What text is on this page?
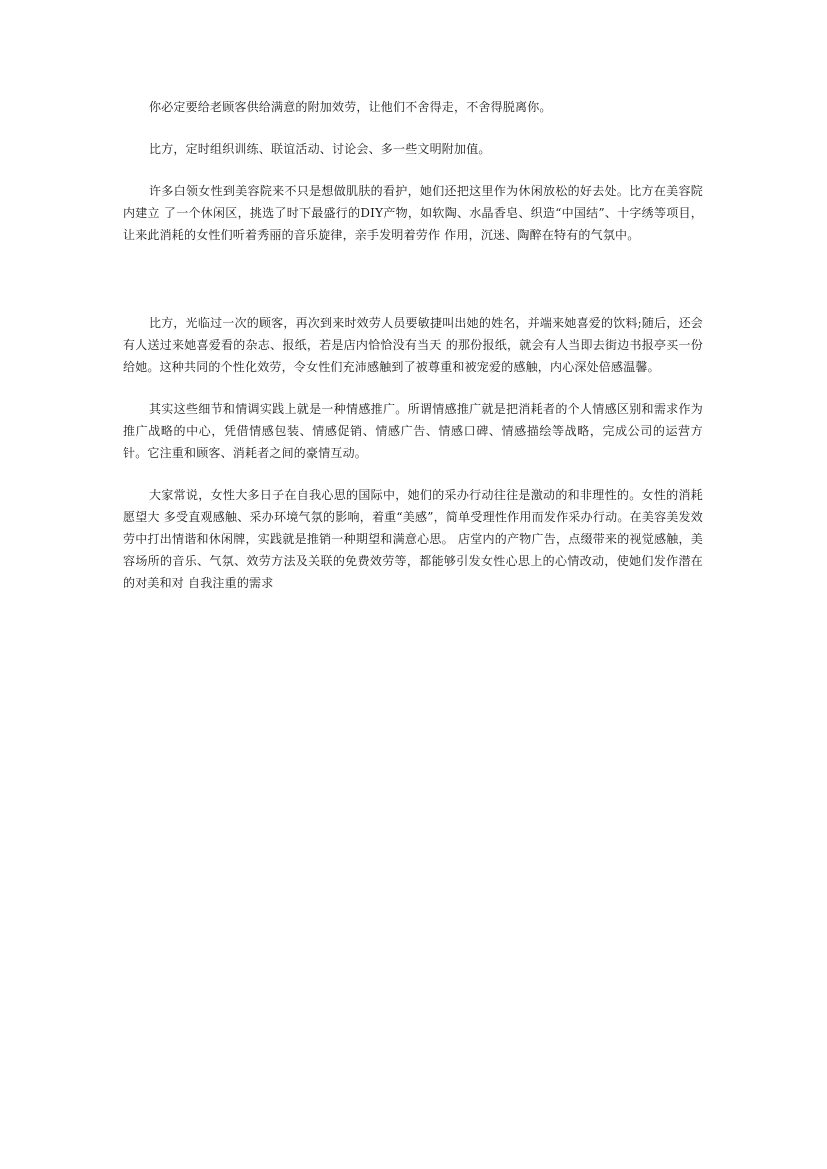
你必定要给老顾客供给满意的附加效劳，让他们不舍得走，不舍得脱离你。

比方，定时组织训练、联谊活动、讨论会、多一些文明附加值。

许多白领女性到美容院来不只是想做肌肤的看护，她们还把这里作为休闲放松的好去处。比方在美容院内建立 了一个休闲区，挑选了时下最盛行的DIY产物，如软陶、水晶香皂、织造“中国结”、十字绣等项目，让来此消耗的女性们听着秀丽的音乐旋律，亲手发明着劳作 作用，沉迷、陶醉在特有的气氛中。

比方，光临过一次的顾客，再次到来时效劳人员要敏捷叫出她的姓名，并端来她喜爱的饮料;随后，还会有人送过来她喜爱看的杂志、报纸，若是店内恰恰没有当天 的那份报纸，就会有人当即去街边书报亭买一份给她。这种共同的个性化效劳，令女性们充沛感触到了被尊重和被宠爱的感触，内心深处倍感温馨。

其实这些细节和情调实践上就是一种情感推广。所谓情感推广就是把消耗者的个人情感区别和需求作为推广战略的中心，凭借情感包装、情感促销、情感广告、情感口碑、情感描绘等战略，完成公司的运营方针。它注重和顾客、消耗者之间的豪情互动。

大家常说，女性大多日子在自我心思的国际中，她们的采办行动往往是激动的和非理性的。女性的消耗愿望大 多受直观感触、采办环境气氛的影响，着重“美感”，简单受理性作用而发作采办行动。在美容美发效劳中打出情谐和休闲牌，实践就是推销一种期望和满意心思。 店堂内的产物广告，点缀带来的视觉感触，美容场所的音乐、气氛、效劳方法及关联的免费效劳等，都能够引发女性心思上的心情改动，使她们发作潜在的对美和对 自我注重的需求
